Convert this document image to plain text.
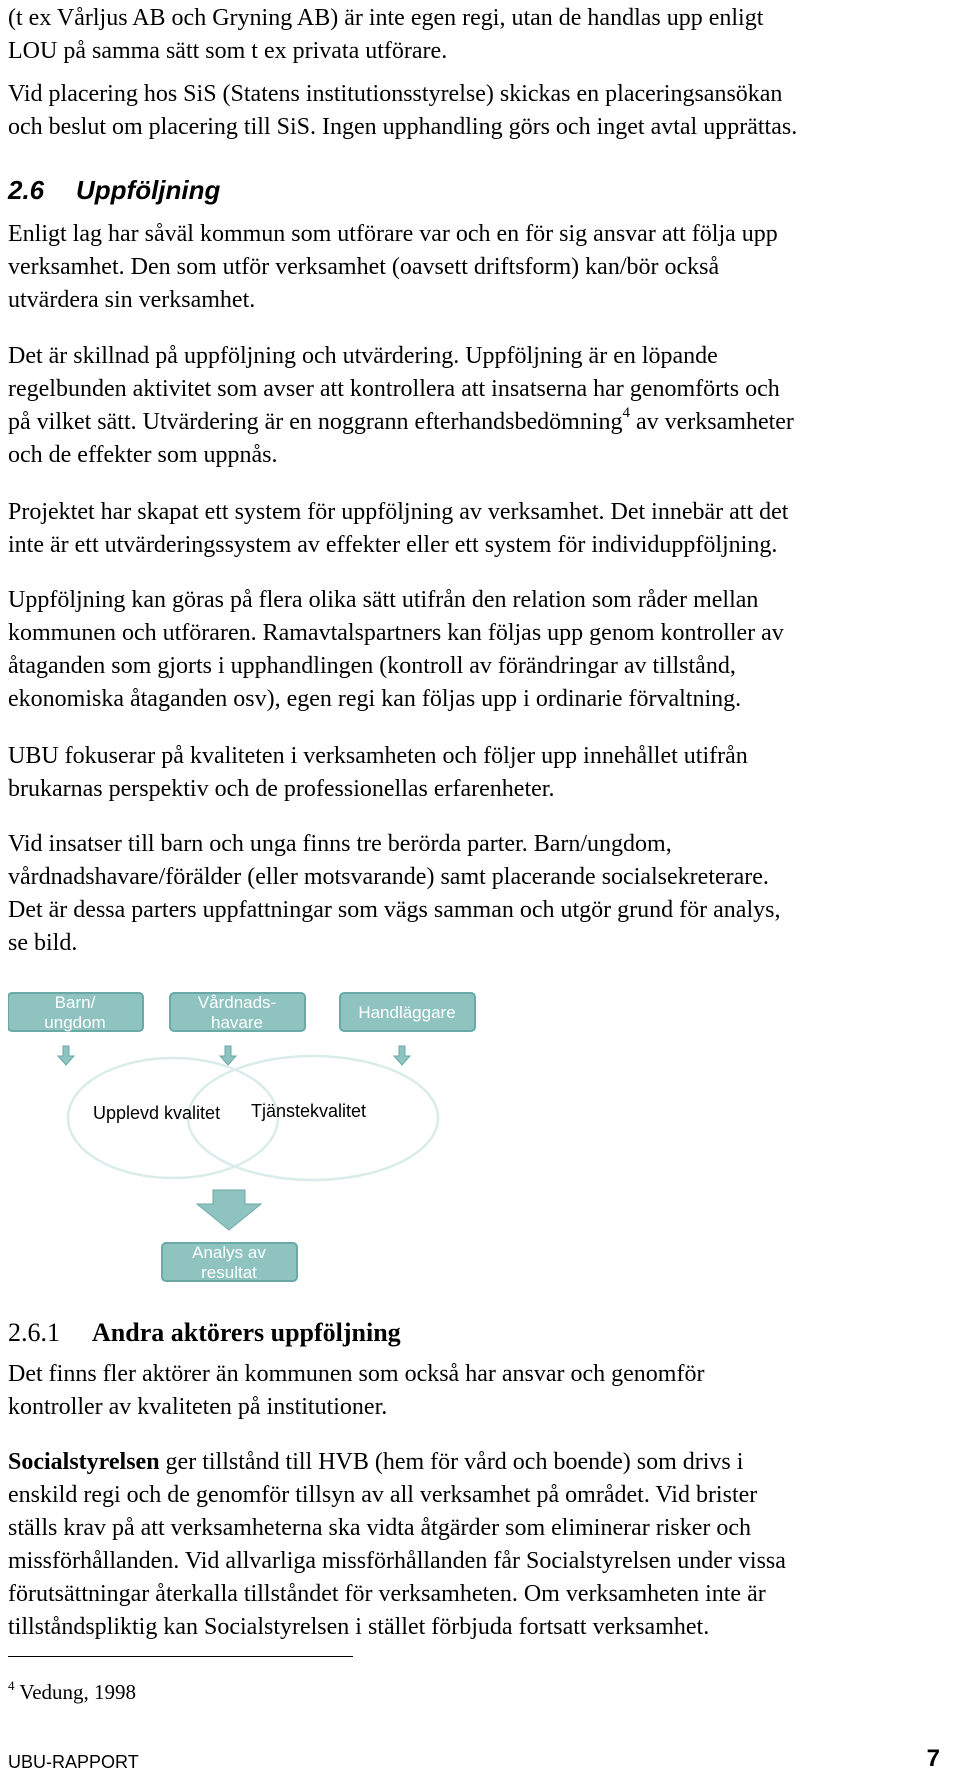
(t ex Vårljus AB och Gryning AB) är inte egen regi, utan de handlas upp enligt

LOU på samma sätt som t ex privata utförare.

Vid placering hos SiS (Statens institutionsstyrelse) skickas en placeringsansökan

och beslut om placering till SiS. Ingen upphandling görs och inget avtal upprättas.

2.6 Uppföljning

Enligt lag har såväl kommun som utförare var och en för sig ansvar att följa upp

verksamhet. Den som utför verksamhet (oavsett driftsform) kan/bör också

utvärdera sin verksamhet.

Det är skillnad på uppföljning och utvärdering. Uppföljning är en löpande

regelbunden aktivitet som avser att kontrollera att insatserna har genomförts och

på vilket sätt. Utvärdering är en noggrann efterhandsbedömning$^4$ av verksamheter

och de effekter som uppnås.

Projektet har skapat ett system för uppföljning av verksamhet. Det innebär att det

inte är ett utvärderingssystem av effekter eller ett system för individuppföljning.

Uppföljning kan göras på flera olika sätt utifrån den relation som råder mellan

kommunen och utföraren. Ramavtalspartners kan följas upp genom kontroller av

åtaganden som gjorts i upphandlingen (kontroll av förändringar av tillstånd,

ekonomiska åtaganden osv), egen regi kan följas upp i ordinarie förvaltning.

UBU fokuserar på kvaliteten i verksamheten och följer upp innehållet utifrån

brukarnas perspektiv och de professionellas erfarenheter.

Vid insatser till barn och unga finns tre berörda parter. Barn/ungdom,

vårdnadshavare/förälder (eller motsvarande) samt placerande socialsekreterare.

Det är dessa parters uppfattningar som vägs samman och utgör grund för analys,

se bild.

Barn/
ungdom
Vårdnads-
havare
Handläggare
Upplevd kvalitet Tjänstekvalitet
Analys av
resultat
2.6.1 Andra aktörers uppföljning

Det finns fler aktörer än kommunen som också har ansvar och genomför

kontroller av kvaliteten på institutioner.

Socialstyrelsen ger tillstånd till HVB (hem för vård och boende) som drivs i

enskild regi och de genomför tillsyn av all verksamhet på området. Vid brister

ställs krav på att verksamheterna ska vidta åtgärder som eliminerar risker och

missförhållanden. Vid allvarliga missförhållanden får Socialstyrelsen under vissa

förutsättningar återkalla tillståndet för verksamheten. Om verksamheten inte är

tillståndspliktig kan Socialstyrelsen i stället förbjuda fortsatt verksamhet.

$^4$ Vedung, 1998
UBU-RAPPORT	7
